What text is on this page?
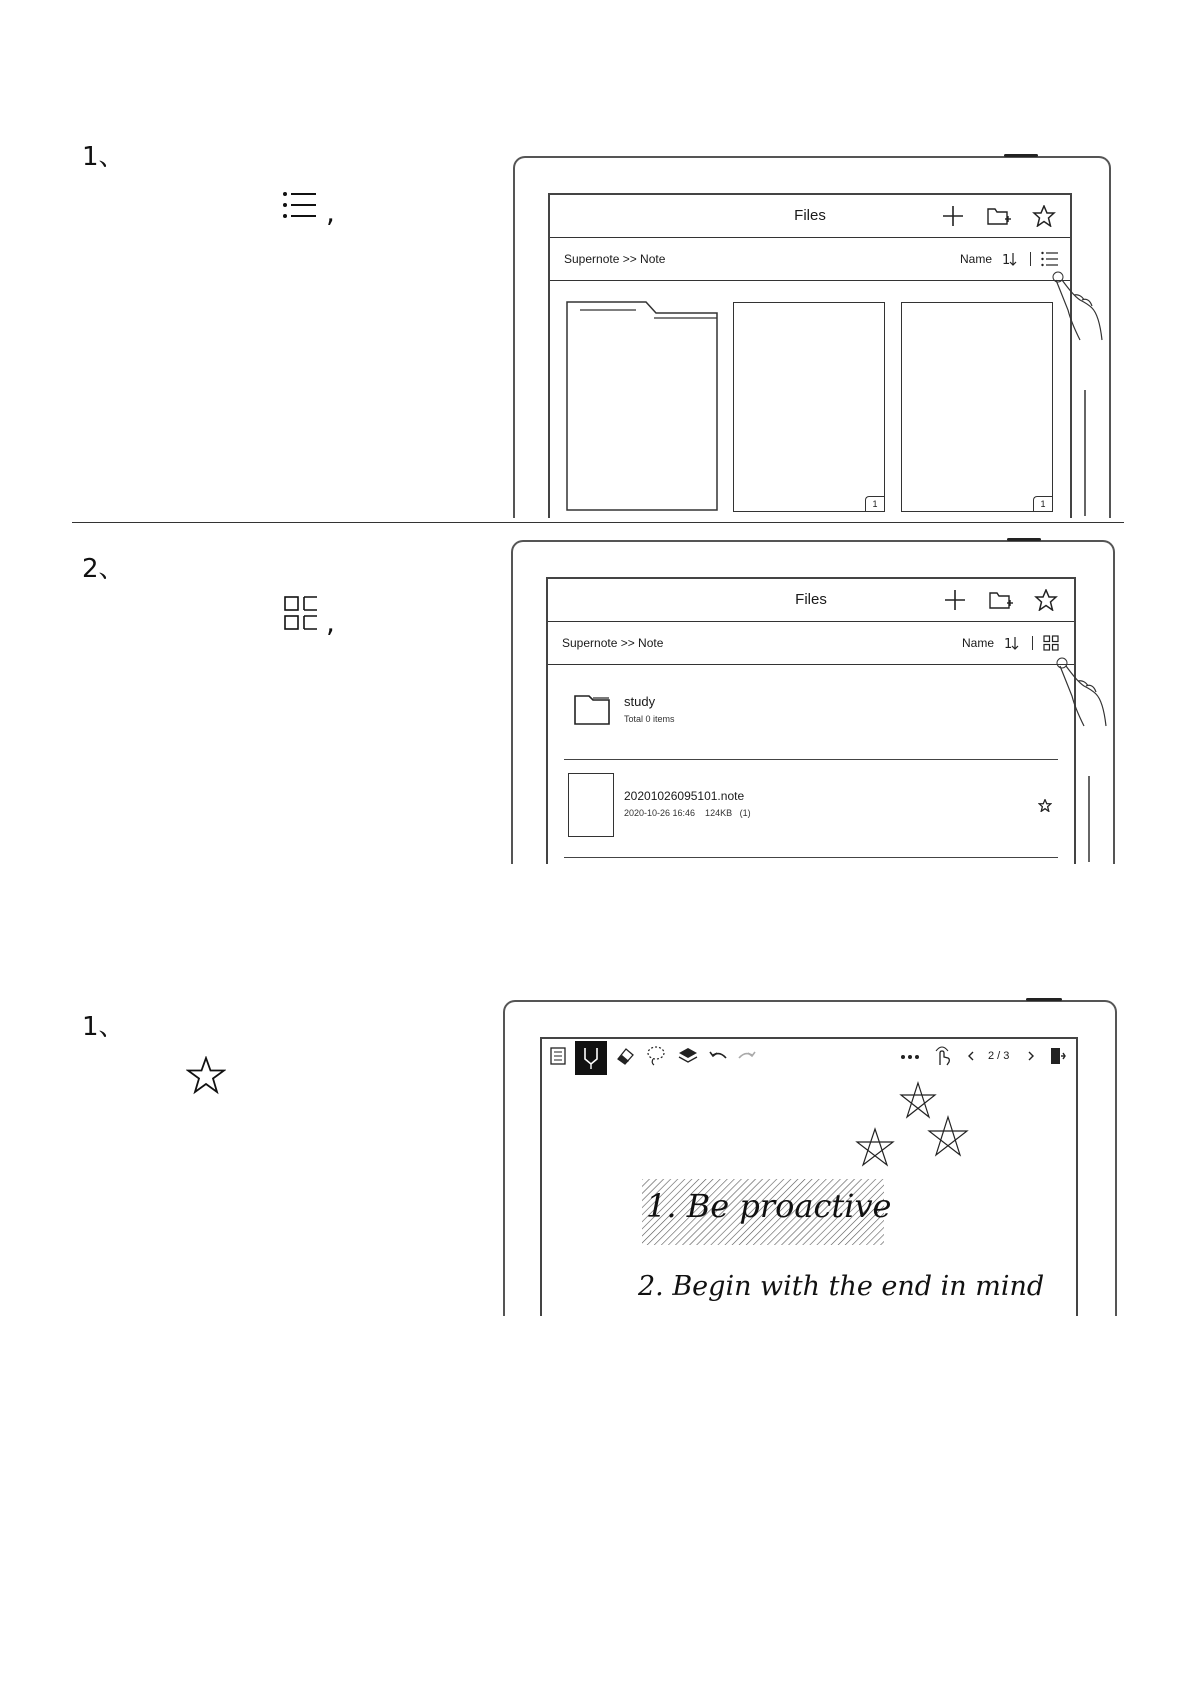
1、
,	Files
Supernote >> Note	Name 1
1	1
2、
,
Files
Supernote >> Note	Name 1
study
Total 0 items
20201026095101.note
2020-10-26 16:46    124KB   (1)
1、
2 / 3
1. Be proactive
2. Begin with the end in mind
